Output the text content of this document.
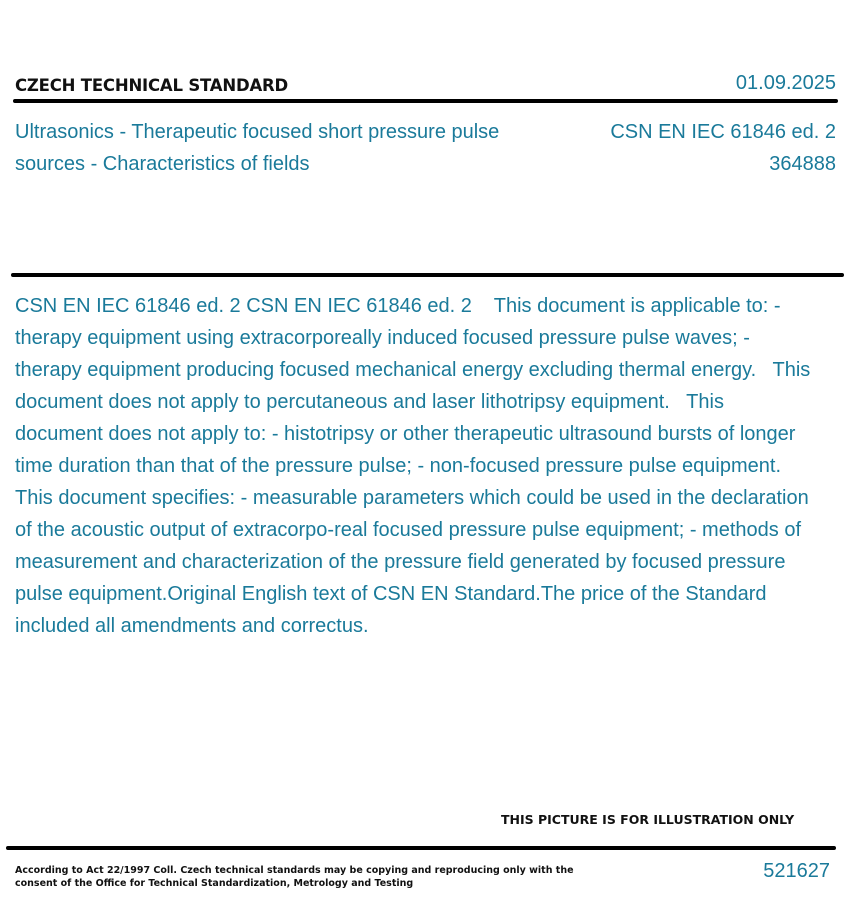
CZECH TECHNICAL STANDARD	01.09.2025
Ultrasonics - Therapeutic focused short pressure pulse sources - Characteristics of fields
CSN EN IEC 61846 ed. 2
364888
CSN EN IEC 61846 ed. 2 CSN EN IEC 61846 ed. 2    This document is applicable to: - therapy equipment using extracorporeally induced focused pressure pulse waves; - therapy equipment producing focused mechanical energy excluding thermal energy.   This document does not apply to percutaneous and laser lithotripsy equipment.   This document does not apply to: - histotripsy or other therapeutic ultrasound bursts of longer time duration than that of the pressure pulse; - non-focused pressure pulse equipment.   This document specifies: - measurable parameters which could be used in the declaration of the acoustic output of extracorpo-real focused pressure pulse equipment; - methods of measurement and characterization of the pressure field generated by focused pressure pulse equipment.Original English text of CSN EN Standard.The price of the Standard included all amendments and correctus.
THIS PICTURE IS FOR ILLUSTRATION ONLY
According to Act 22/1997 Coll. Czech technical standards may be copying and reproducing only with the consent of the Office for Technical Standardization, Metrology and Testing
521627
